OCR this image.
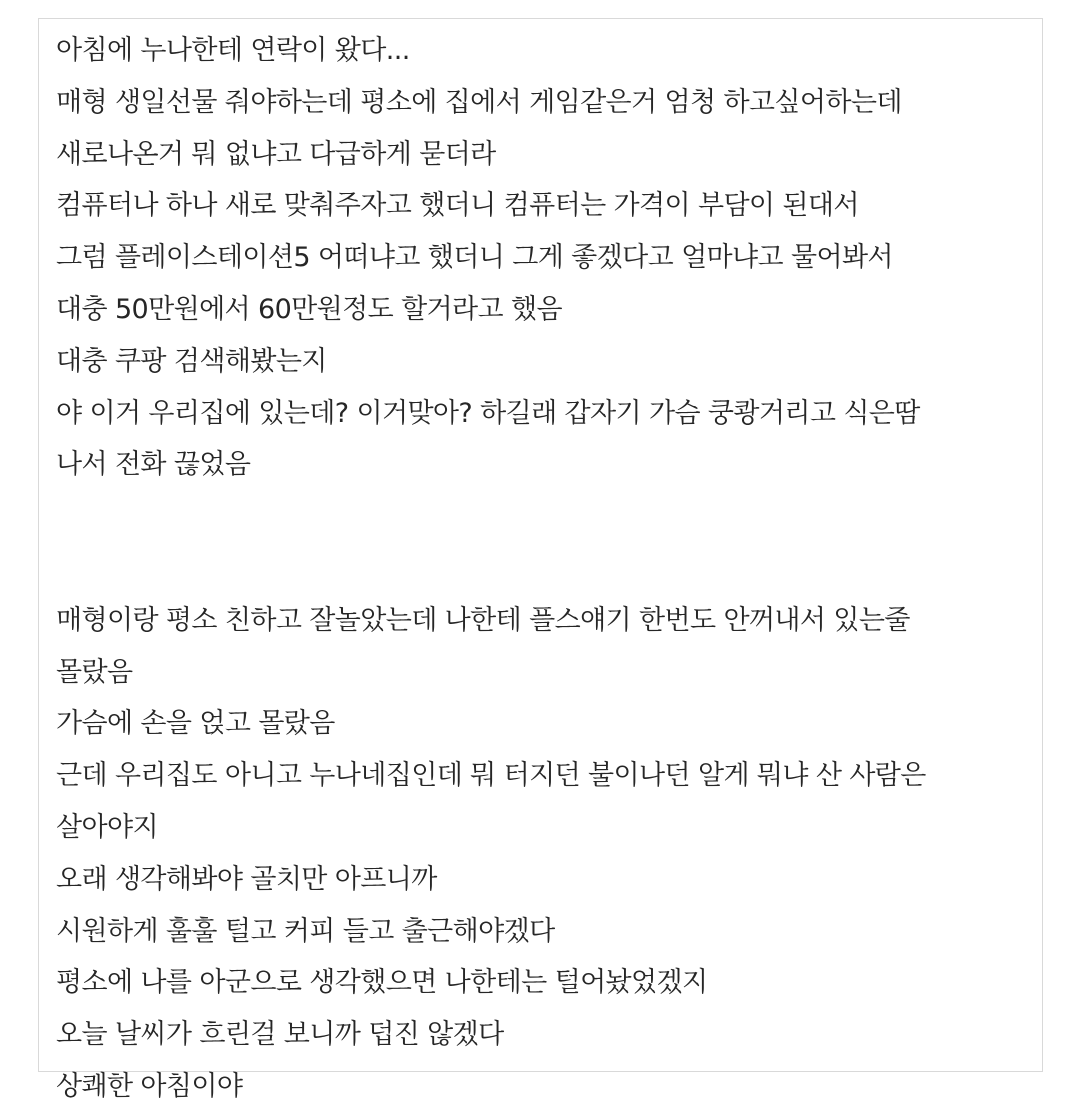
아침에 누나한테 연락이 왔다...
매형 생일선물 줘야하는데 평소에 집에서 게임같은거 엄청 하고싶어하는데
새로나온거 뭐 없냐고 다급하게 묻더라
컴퓨터나 하나 새로 맞춰주자고 했더니 컴퓨터는 가격이 부담이 된대서
그럼 플레이스테이션5 어떠냐고 했더니 그게 좋겠다고 얼마냐고 물어봐서
대충 50만원에서 60만원정도 할거라고 했음
대충 쿠팡 검색해봤는지
야 이거 우리집에 있는데? 이거맞아? 하길래 갑자기 가슴 쿵쾅거리고 식은땀
나서 전화 끊었음
매형이랑 평소 친하고 잘놀았는데 나한테 플스얘기 한번도 안꺼내서 있는줄
몰랐음
가슴에 손을 얹고 몰랐음
근데 우리집도 아니고 누나네집인데 뭐 터지던 불이나던 알게 뭐냐 산 사람은
살아야지
오래 생각해봐야 골치만 아프니까
시원하게 훌훌 털고 커피 들고 출근해야겠다
평소에 나를 아군으로 생각했으면 나한테는 털어놨었겠지
오늘 날씨가 흐린걸 보니까 덥진 않겠다
상쾌한 아침이야
